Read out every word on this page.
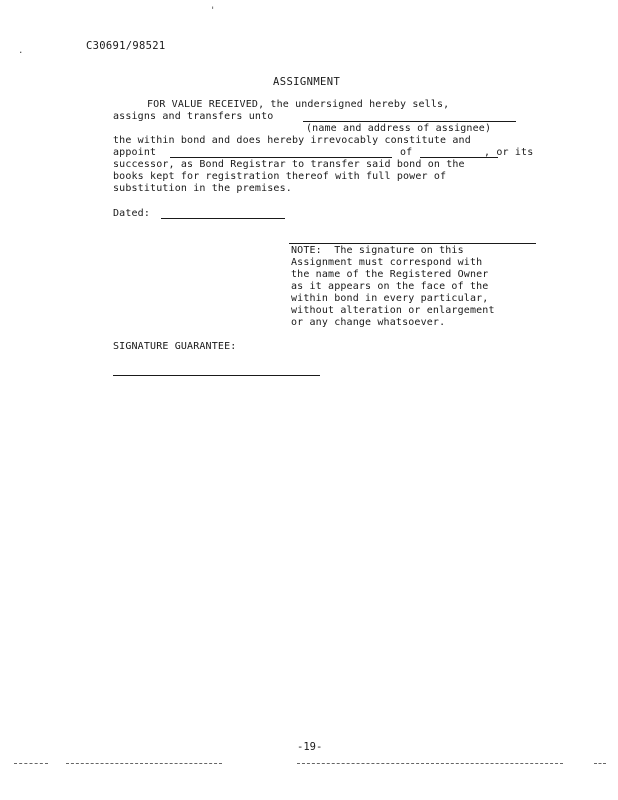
C30691/98521
.
'
ASSIGNMENT
FOR VALUE RECEIVED, the undersigned hereby sells,
assigns and transfers unto
(name and address of assignee)
the within bond and does hereby irrevocably constitute and
appoint	of	, or its
successor, as Bond Registrar to transfer said bond on the
books kept for registration thereof with full power of
substitution in the premises.
Dated:
NOTE:  The signature on this
Assignment must correspond with
the name of the Registered Owner
as it appears on the face of the
within bond in every particular,
without alteration or enlargement
or any change whatsoever.
SIGNATURE GUARANTEE:
-19-
